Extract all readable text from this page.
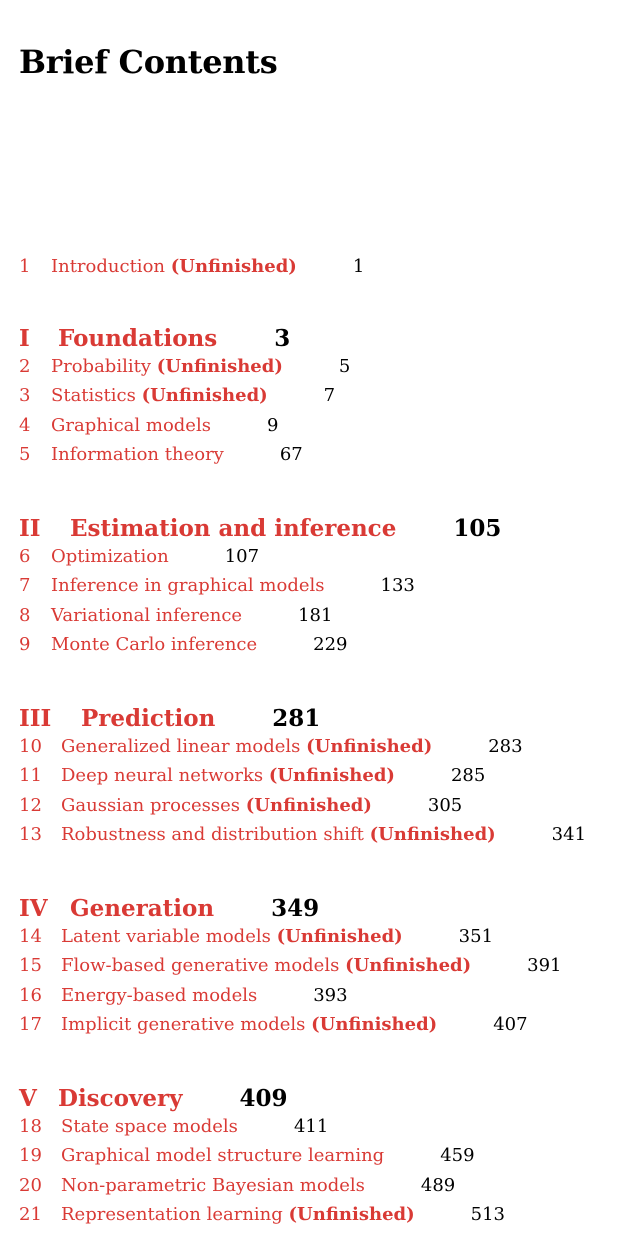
Brief Contents
1 Introduction (Unfinished)	1
I Foundations 3
2 Probability (Unfinished)	5
3 Statistics (Unfinished)	7
4 Graphical models	9
5 Information theory	67
II Estimation and inference 105
6 Optimization	107
7 Inference in graphical models	133
8 Variational inference	181
9 Monte Carlo inference	229
III Prediction 281
10 Generalized linear models (Unfinished)	283
11 Deep neural networks (Unfinished)	285
12 Gaussian processes (Unfinished)	305
13 Robustness and distribution shift (Unfinished)	341
IV Generation 349
14 Latent variable models (Unfinished)	351
15 Flow-based generative models (Unfinished)	391
16 Energy-based models	393
17 Implicit generative models (Unfinished)	407
V Discovery 409
18 State space models	411
19 Graphical model structure learning	459
20 Non-parametric Bayesian models	489
21 Representation learning (Unfinished)	513
